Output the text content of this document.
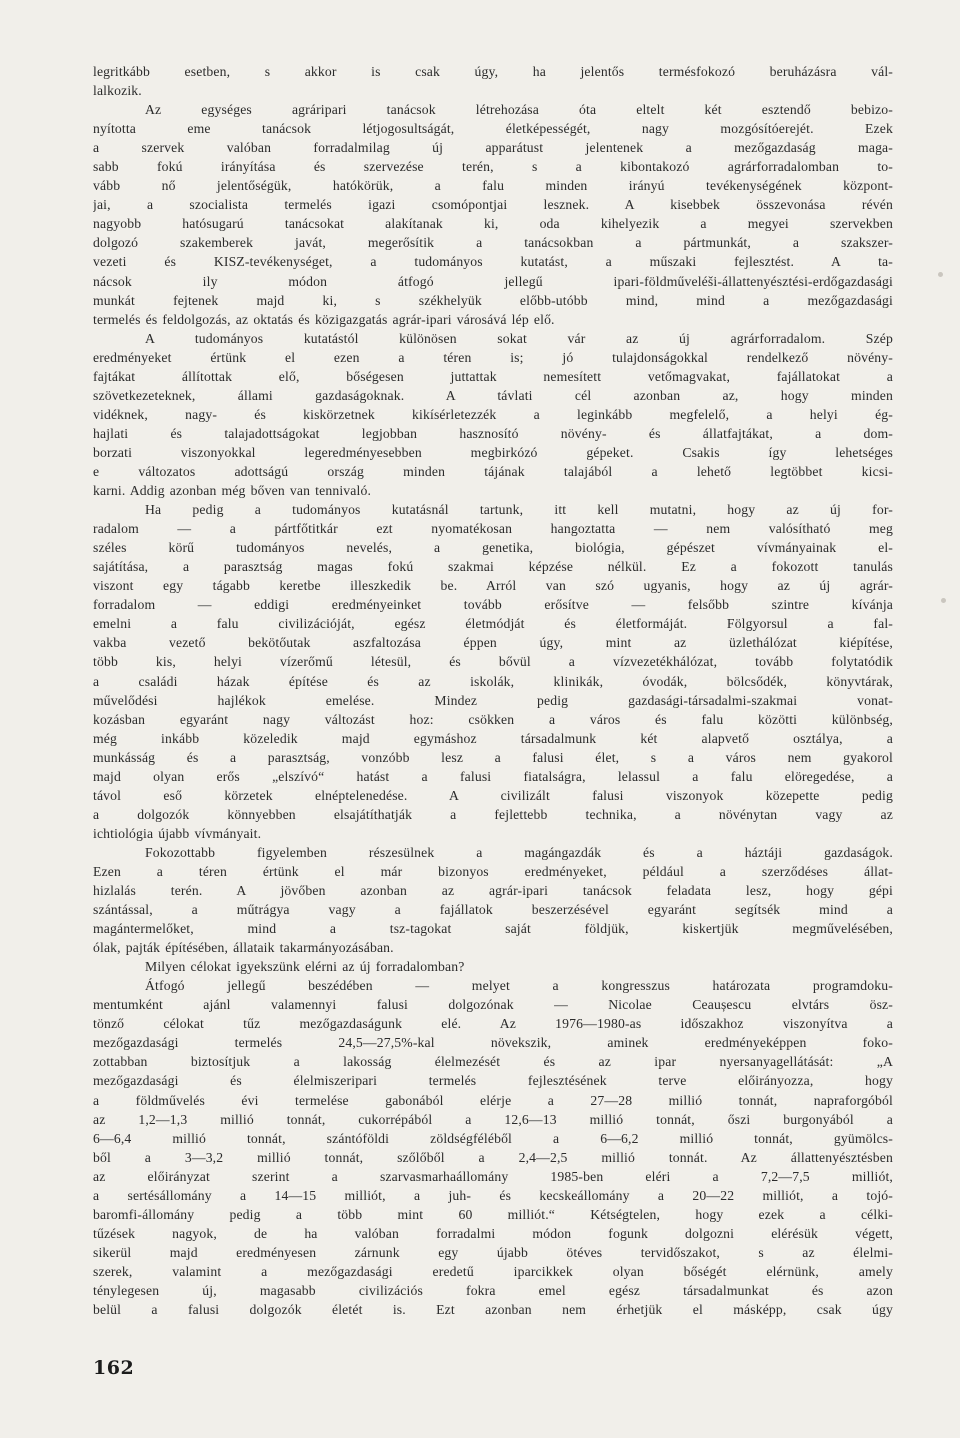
legritkább esetben, s akkor is csak úgy, ha jelentős termésfokozó beruházásra vál-
lalkozik.
Az egységes agráripari tanácsok létrehozása óta eltelt két esztendő bebizo-
nyította eme tanácsok létjogosultságát, életképességét, nagy mozgósítóerejét. Ezek
a szervek valóban forradalmilag új apparátust jelentenek a mezőgazdaság maga-
sabb fokú irányítása és szervezése terén, s a kibontakozó agrárforradalomban to-
vább nő jelentőségük, hatókörük, a falu minden irányú tevékenységének központ-
jai, a szocialista termelés igazi csomópontjai lesznek. A kisebbek összevonása révén
nagyobb hatósugarú tanácsokat alakítanak ki, oda kihelyezik a megyei szervekben
dolgozó szakemberek javát, megerősítik a tanácsokban a pártmunkát, a szakszer-
vezeti és KISZ-tevékenységet, a tudományos kutatást, a műszaki fejlesztést. A ta-
nácsok ily módon átfogó jellegű ipari-földműveléši-állattenyésztési-erdőgazdasági
munkát fejtenek majd ki, s székhelyük előbb-utóbb mind, mind a mezőgazdasági
termelés és feldolgozás, az oktatás és közigazgatás agrár-ipari városává lép elő.
A tudományos kutatástól különösen sokat vár az új agrárforradalom. Szép
eredményeket értünk el ezen a téren is; jó tulajdonságokkal rendelkező növény-
fajtákat állítottak elő, bőségesen juttattak nemesített vetőmagvakat, fajállatokat a
szövetkezeteknek, állami gazdaságoknak. A távlati cél azonban az, hogy minden
vidéknek, nagy- és kiskörzetnek kikísérletezzék a leginkább megfelelő, a helyi ég-
hajlati és talajadottságokat legjobban hasznosító növény- és állatfajtákat, a dom-
borzati viszonyokkal legeredményesebben megbirkózó gépeket. Csakis így lehetséges
e változatos adottságú ország minden tájának talajából a lehető legtöbbet kicsi-
karni. Addig azonban még bőven van tennivaló.
Ha pedig a tudományos kutatásnál tartunk, itt kell mutatni, hogy az új for-
radalom — a pártfőtitkár ezt nyomatékosan hangoztatta — nem valósítható meg
széles körű tudományos nevelés, a genetika, biológia, gépészet vívmányainak el-
sajátítása, a parasztság magas fokú szakmai képzése nélkül. Ez a fokozott tanulás
viszont egy tágabb keretbe illeszkedik be. Arról van szó ugyanis, hogy az új agrár-
forradalom — eddigi eredményeinket tovább erősítve — felsőbb szintre kívánja
emelni a falu civilizációját, egész életmódját és életformáját. Fölgyorsul a fal-
vakba vezető bekötőutak aszfaltozása éppen úgy, mint az üzlethálózat kiépítése,
több kis, helyi vízerőmű létesül, és bővül a vízvezetékhálózat, tovább folytatódik
a családi házak építése és az iskolák, klinikák, óvodák, bölcsődék, könyvtárak,
művelődési hajlékok emelése. Mindez pedig gazdasági-társadalmi-szakmai vonat-
kozásban egyaránt nagy változást hoz: csökken a város és falu közötti különbség,
még inkább közeledik majd egymáshoz társadalmunk két alapvető osztálya, a
munkásság és a parasztság, vonzóbb lesz a falusi élet, s a város nem gyakorol
majd olyan erős „elszívó“ hatást a falusi fiatalságra, lelassul a falu elöregedése, a
távol eső körzetek elnéptelenedése. A civilizált falusi viszonyok közepette pedig
a dolgozók könnyebben elsajátíthatják a fejlettebb technika, a növénytan vagy az
ichtiológia újabb vívmányait.
Fokozottabb figyelemben részesülnek a magángazdák és a háztáji gazdaságok.
Ezen a téren értünk el már bizonyos eredményeket, például a szerződéses állat-
hizlalás terén. A jövőben azonban az agrár-ipari tanácsok feladata lesz, hogy gépi
szántással, a műtrágya vagy a fajállatok beszerzésével egyaránt segítsék mind a
magántermelőket, mind a tsz-tagokat saját földjük, kiskertjük megművelésében,
ólak, pajták építésében, állataik takarmányozásában.
Milyen célokat igyekszünk elérni az új forradalomban?
Átfogó jellegű beszédében — melyet a kongresszus határozata programdoku-
mentumként ajánl valamennyi falusi dolgozónak — Nicolae Ceaușescu elvtárs ösz-
tönző célokat tűz mezőgazdaságunk elé. Az 1976—1980-as időszakhoz viszonyítva a
mezőgazdasági termelés 24,5—27,5%-kal növekszik, aminek eredményeképpen foko-
zottabban biztosítjuk a lakosság élelmezését és az ipar nyersanyagellátását: „A
mezőgazdasági és élelmiszeripari termelés fejlesztésének terve előirányozza, hogy
a földművelés évi termelése gabonából elérje a 27—28 millió tonnát, napraforgóból
az 1,2—1,3 millió tonnát, cukorrépából a 12,6—13 millió tonnát, őszi burgonyából a
6—6,4 millió tonnát, szántóföldi zöldségféléből a 6—6,2 millió tonnát, gyümölcs-
ből a 3—3,2 millió tonnát, szőlőből a 2,4—2,5 millió tonnát. Az állattenyésztésben
az előirányzat szerint a szarvasmarhaállomány 1985-ben eléri a 7,2—7,5 milliót,
a sertésállomány a 14—15 milliót, a juh- és kecskeállomány a 20—22 milliót, a tojó-
baromfi-állomány pedig a több mint 60 milliót.“ Kétségtelen, hogy ezek a célki-
tűzések nagyok, de ha valóban forradalmi módon fogunk dolgozni elérésük végett,
sikerül majd eredményesen zárnunk egy újabb ötéves tervidőszakot, s az élelmi-
szerek, valamint a mezőgazdasági eredetű iparcikkek olyan bőségét elérnünk, amely
ténylegesen új, magasabb civilizációs fokra emel egész társadalmunkat és azon
belül a falusi dolgozók életét is. Ezt azonban nem érhetjük el másképp, csak úgy
162
